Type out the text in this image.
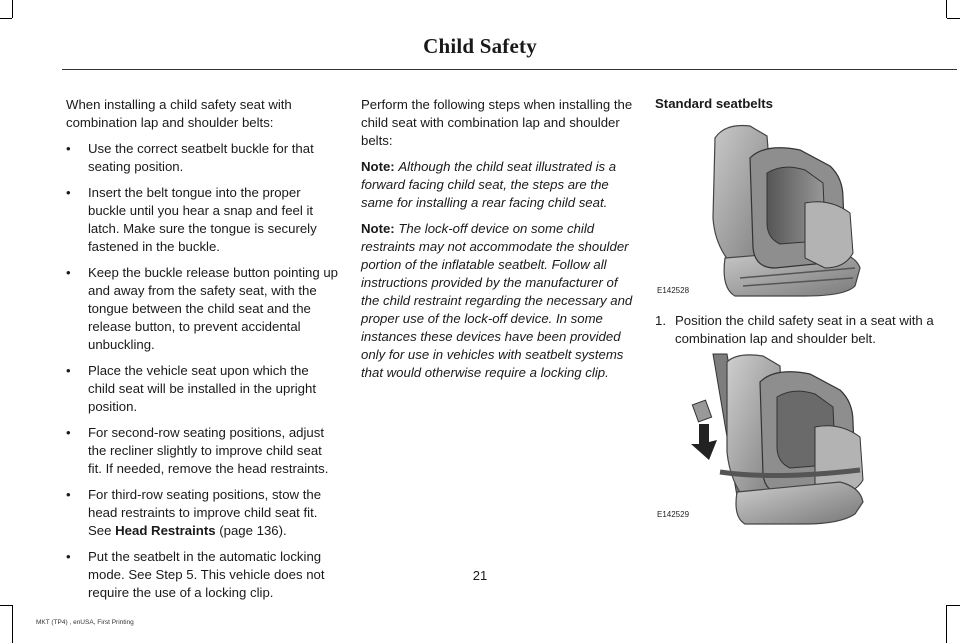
Child Safety

When installing a child safety seat with combination lap and shoulder belts:

• Use the correct seatbelt buckle for that seating position.
• Insert the belt tongue into the proper buckle until you hear a snap and feel it latch. Make sure the tongue is securely fastened in the buckle.
• Keep the buckle release button pointing up and away from the safety seat, with the tongue between the child seat and the release button, to prevent accidental unbuckling.
• Place the vehicle seat upon which the child seat will be installed in the upright position.
• For second-row seating positions, adjust the recliner slightly to improve child seat fit. If needed, remove the head restraints.
• For third-row seating positions, stow the head restraints to improve child seat fit. See Head Restraints (page 136).
• Put the seatbelt in the automatic locking mode. See Step 5. This vehicle does not require the use of a locking clip.

Perform the following steps when installing the child seat with combination lap and shoulder belts:

Note: Although the child seat illustrated is a forward facing child seat, the steps are the same for installing a rear facing child seat.

Note: The lock-off device on some child restraints may not accommodate the shoulder portion of the inflatable seatbelt. Follow all instructions provided by the manufacturer of the child restraint regarding the necessary and proper use of the lock-off device. In some instances these devices have been provided only for use in vehicles with seatbelt systems that would otherwise require a locking clip.

Standard seatbelts
E142528
1. Position the child safety seat in a seat with a combination lap and shoulder belt.
E142529
21
MKT (TP4) , enUSA, First Printing
